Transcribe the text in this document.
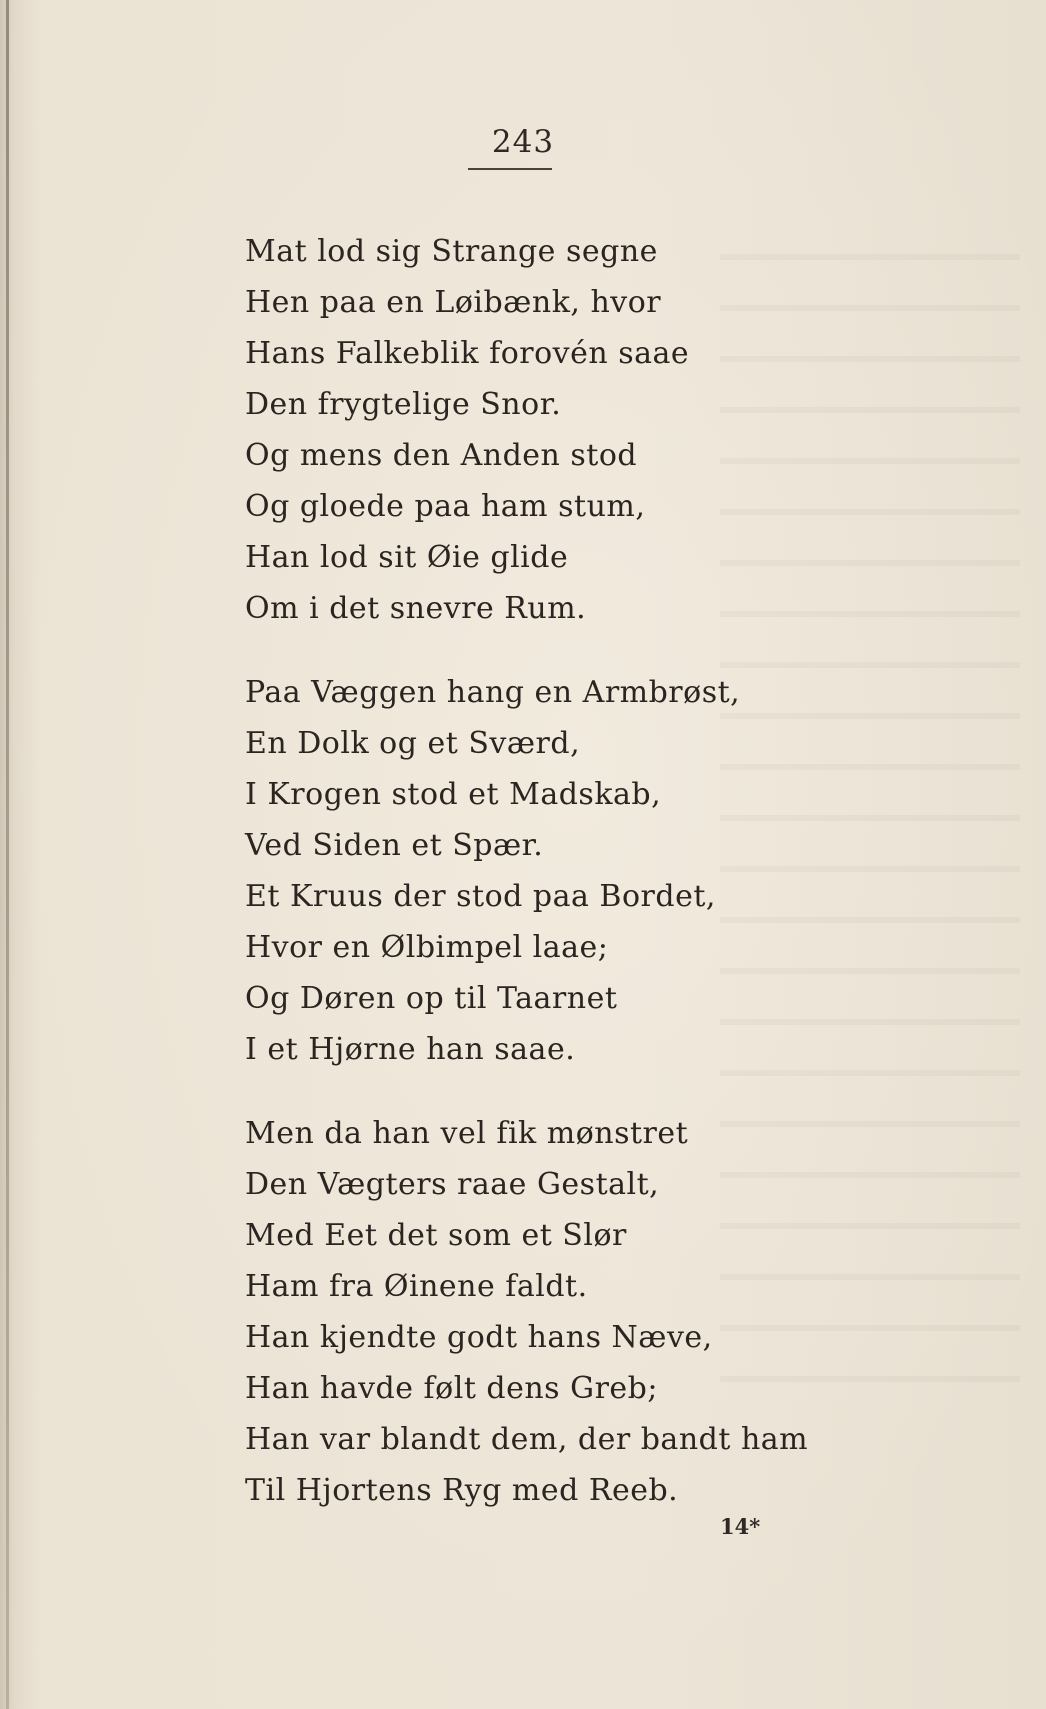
243
Mat lod sig Strange segne
Hen paa en Løibænk, hvor
Hans Falkeblik forovén saae
Den frygtelige Snor.
Og mens den Anden stod
Og gloede paa ham stum,
Han lod sit Øie glide
Om i det snevre Rum.
Paa Væggen hang en Armbrøst,
En Dolk og et Sværd,
I Krogen stod et Madskab,
Ved Siden et Spær.
Et Kruus der stod paa Bordet,
Hvor en Ølbimpel laae;
Og Døren op til Taarnet
I et Hjørne han saae.
Men da han vel fik mønstret
Den Vægters raae Gestalt,
Med Eet det som et Slør
Ham fra Øinene faldt.
Han kjendte godt hans Næve,
Han havde følt dens Greb;
Han var blandt dem, der bandt ham
Til Hjortens Ryg med Reeb.
14*
